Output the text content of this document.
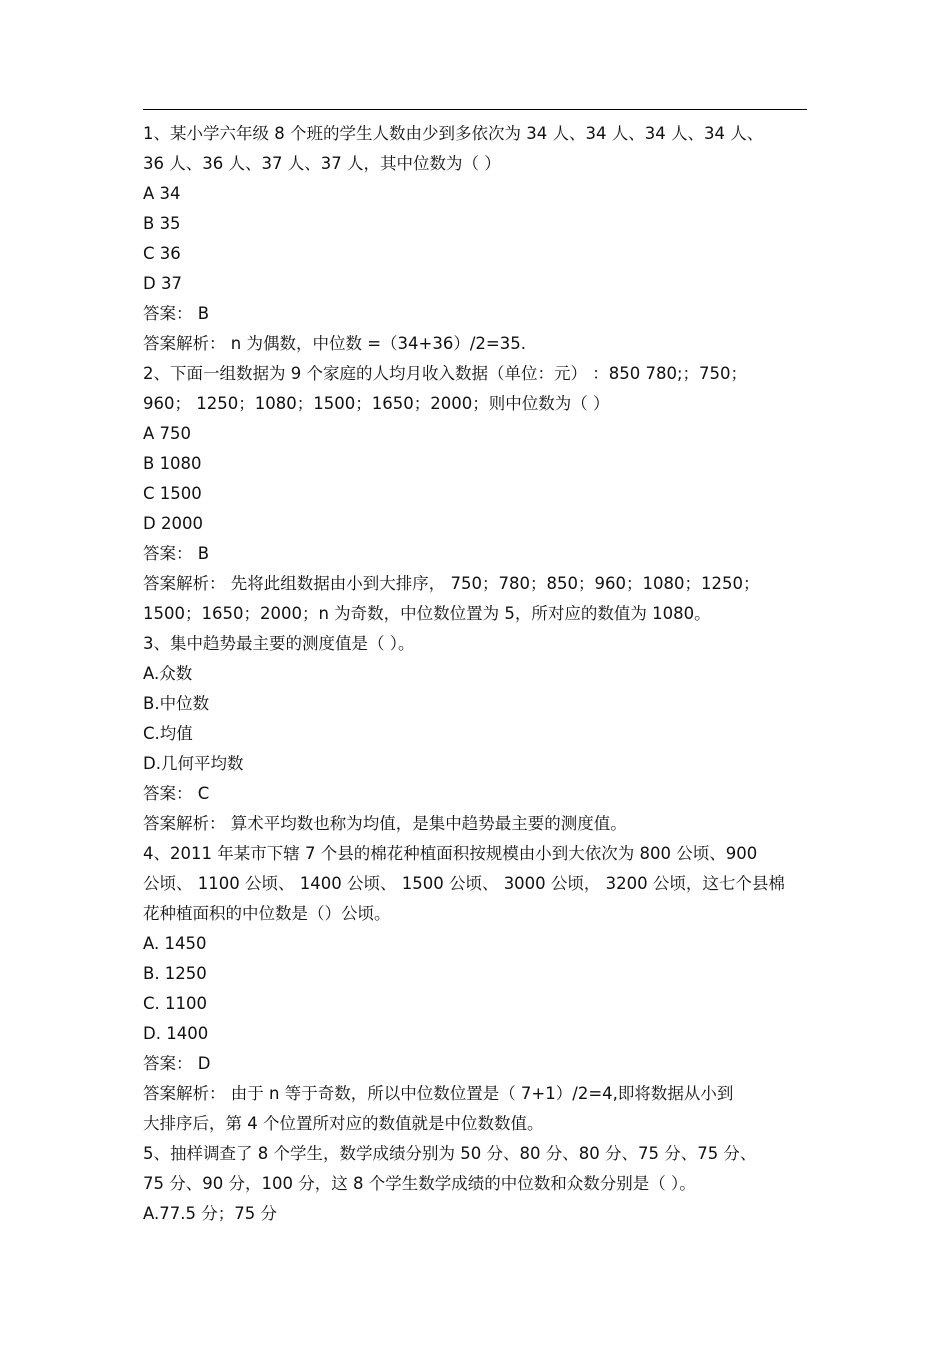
1、某小学六年级 8 个班的学生人数由少到多依次为 34 人、34 人、34 人、34 人、
36 人、36 人、37 人、37 人，其中位数为（ ）
A 34
B 35
C 36
D 37
答案： B
答案解析： n 为偶数，中位数 =（34+36）/2=35.
2、下面一组数据为 9 个家庭的人均月收入数据（单位：元） ：850 780;；750；
960； 1250；1080；1500；1650；2000；则中位数为（ ）
A 750
B 1080
C 1500
D 2000
答案： B
答案解析： 先将此组数据由小到大排序， 750；780；850；960；1080；1250；
1500；1650；2000；n 为奇数，中位数位置为 5，所对应的数值为 1080。
3、集中趋势最主要的测度值是（ ）。
A.众数
B.中位数
C.均值
D.几何平均数
答案： C
答案解析： 算术平均数也称为均值，是集中趋势最主要的测度值。
4、2011 年某市下辖 7 个县的棉花种植面积按规模由小到大依次为 800 公顷、900
公顷、 1100 公顷、 1400 公顷、 1500 公顷、 3000 公顷， 3200 公顷，这七个县棉
花种植面积的中位数是（）公顷。
A. 1450
B. 1250
C. 1100
D. 1400
答案： D
答案解析： 由于 n 等于奇数，所以中位数位置是（ 7+1）/2=4,即将数据从小到
大排序后，第 4 个位置所对应的数值就是中位数数值。
5、抽样调查了 8 个学生，数学成绩分别为 50 分、80 分、80 分、75 分、75 分、
75 分、90 分，100 分，这 8 个学生数学成绩的中位数和众数分别是（ ）。
A.77.5 分；75 分
